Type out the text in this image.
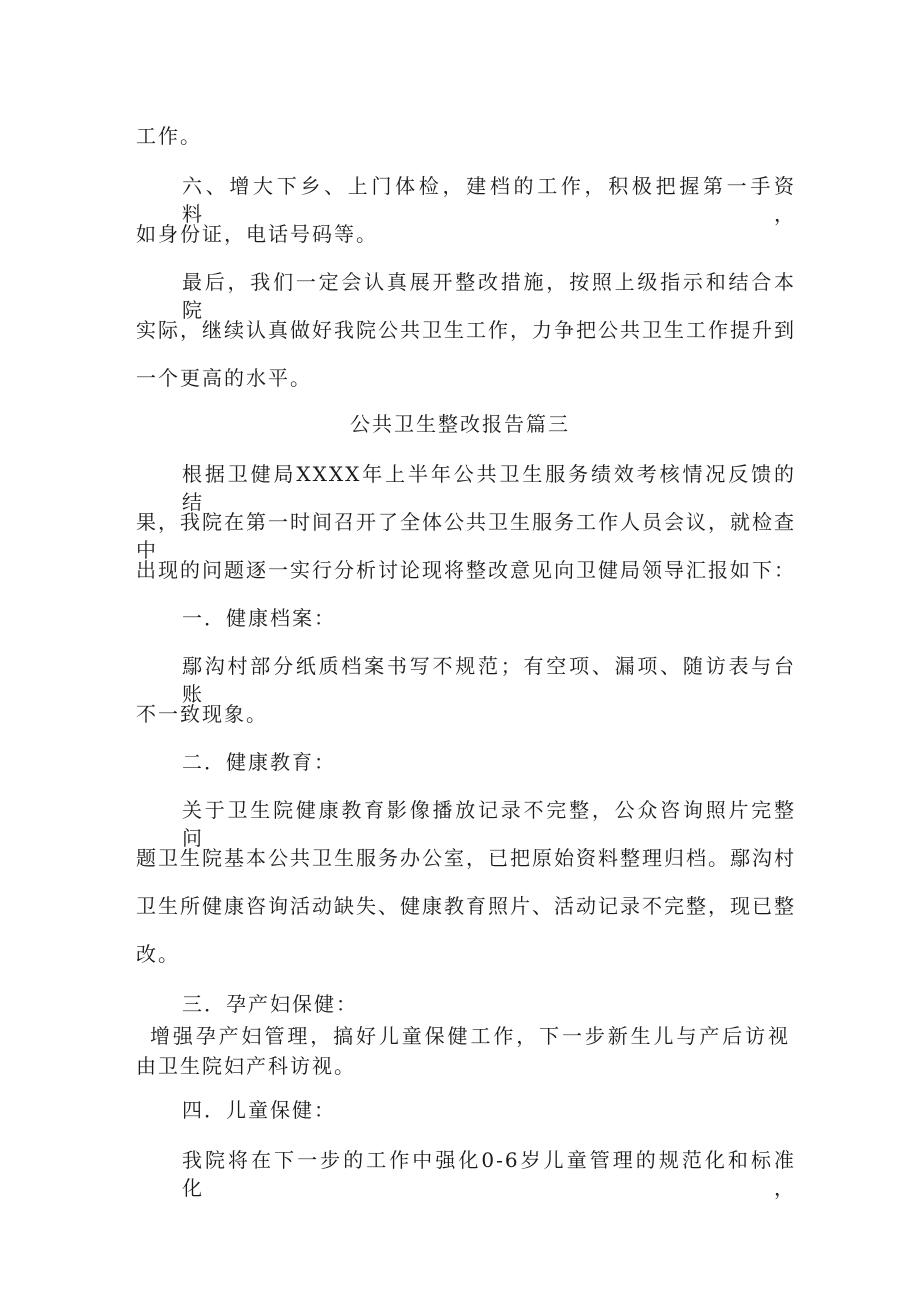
工作。
六、增大下乡、上门体检，建档的工作，积极把握第一手资料，
如身份证，电话号码等。
最后，我们一定会认真展开整改措施，按照上级指示和结合本院
实际，继续认真做好我院公共卫生工作，力争把公共卫生工作提升到
一个更高的水平。
公共卫生整改报告篇三
根据卫健局XXXX年上半年公共卫生服务绩效考核情况反馈的结
果，我院在第一时间召开了全体公共卫生服务工作人员会议，就检查中
出现的问题逐一实行分析讨论现将整改意见向卫健局领导汇报如下：
一．健康档案：
鄢沟村部分纸质档案书写不规范；有空项、漏项、随访表与台账
不一致现象。
二．健康教育：
关于卫生院健康教育影像播放记录不完整，公众咨询照片完整问
题卫生院基本公共卫生服务办公室，已把原始资料整理归档。鄢沟村
卫生所健康咨询活动缺失、健康教育照片、活动记录不完整，现已整
改。
三．孕产妇保健：
增强孕产妇管理，搞好儿童保健工作，下一步新生儿与产后访视
由卫生院妇产科访视。
四．儿童保健：
我院将在下一步的工作中强化0-6岁儿童管理的规范化和标准化，
